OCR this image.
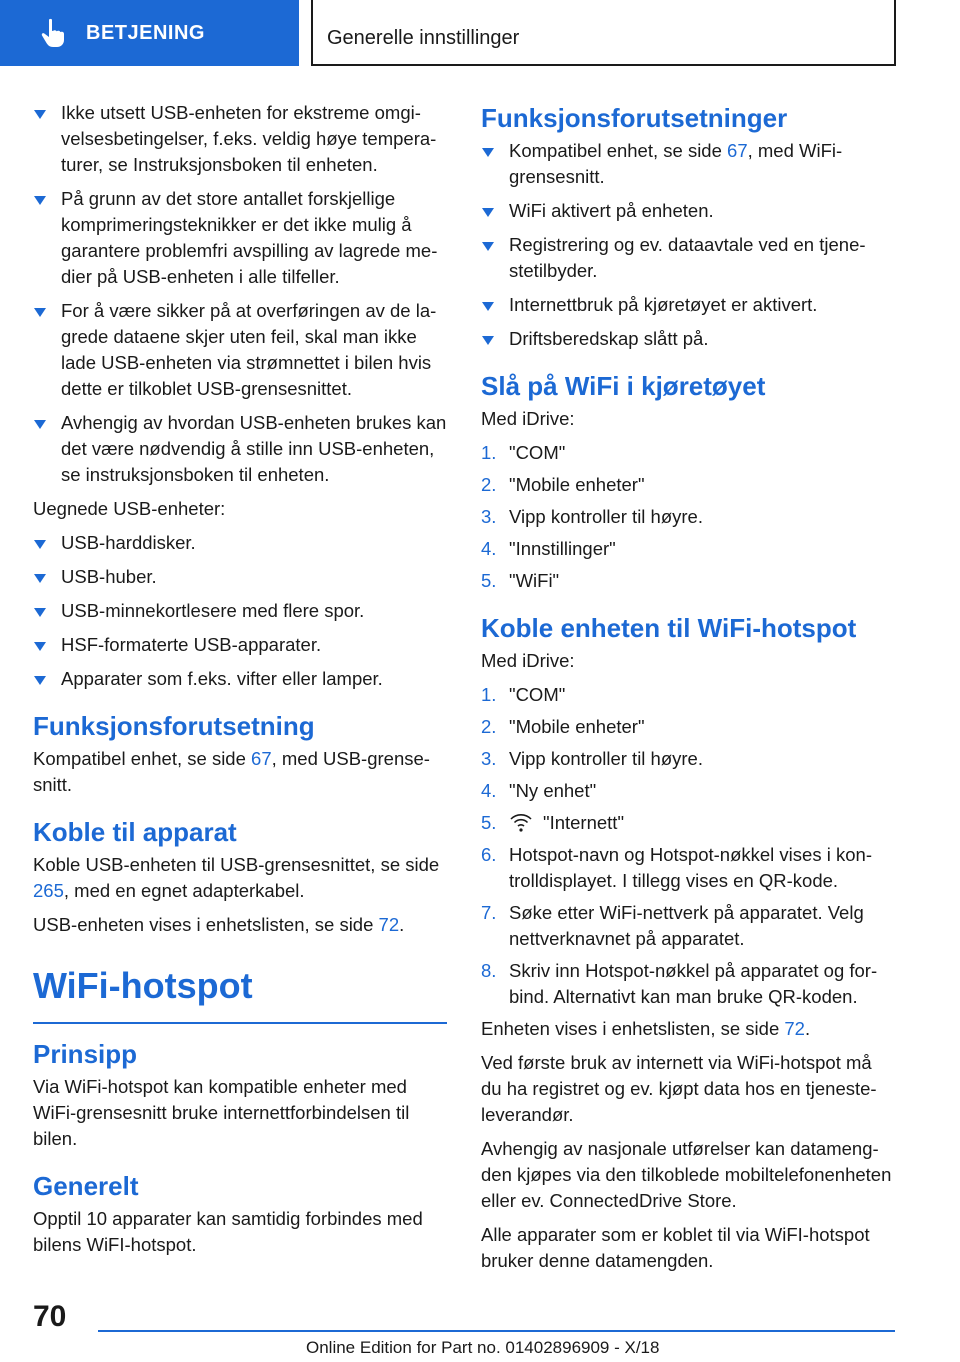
BETJENING	Generelle innstillinger
Ikke utsett USB-enheten for ekstreme omgivelsesbetingelser, f.eks. veldig høye temperaturer, se Instruksjonsboken til enheten.
På grunn av det store antallet forskjellige komprimeringsteknikker er det ikke mulig å garantere problemfri avspilling av lagrede medier på USB-enheten i alle tilfeller.
For å være sikker på at overføringen av de lagrede dataene skjer uten feil, skal man ikke lade USB-enheten via strømnettet i bilen hvis dette er tilkoblet USB-grensesnittet.
Avhengig av hvordan USB-enheten brukes kan det være nødvendig å stille inn USB-enheten, se instruksjonsboken til enheten.

Uegnede USB-enheter:

USB-harddisker.
USB-huber.
USB-minnekortlesere med flere spor.
HSF-formaterte USB-apparater.
Apparater som f.eks. vifter eller lamper.
Funksjonsforutsetning

Kompatibel enhet, se side 67, med USB-grensesnitt.

Koble til apparat

Koble USB-enheten til USB-grensesnittet, se side 265, med en egnet adapterkabel.

USB-enheten vises i enhetslisten, se side 72.

WiFi-hotspot
Prinsipp

Via WiFi-hotspot kan kompatible enheter med WiFi-grensesnitt bruke internettforbindelsen til bilen.

Generelt

Opptil 10 apparater kan samtidig forbindes med bilens WiFI-hotspot.

Funksjonsforutsetninger
Kompatibel enhet, se side 67, med WiFi-grensesnitt.
WiFi aktivert på enheten.
Registrering og ev. dataavtale ved en tjenestetilbyder.
Internettbruk på kjøretøyet er aktivert.
Driftsberedskap slått på.
Slå på WiFi i kjøretøyet

Med iDrive:

1. "COM"
2. "Mobile enheter"
3. Vipp kontroller til høyre.
4. "Innstillinger"
5. "WiFi"
Koble enheten til WiFi-hotspot

Med iDrive:

1. "COM"
2. "Mobile enheter"
3. Vipp kontroller til høyre.
4. "Ny enhet"
5.	"Internett"
6. Hotspot-navn og Hotspot-nøkkel vises i kontrolldisplayet. I tillegg vises en QR-kode.
7. Søke etter WiFi-nettverk på apparatet. Velg nettverknavnet på apparatet.
8. Skriv inn Hotspot-nøkkel på apparatet og forbind. Alternativt kan man bruke QR-koden.

Enheten vises i enhetslisten, se side 72.

Ved første bruk av internett via WiFi-hotspot må du ha registret og ev. kjøpt data hos en tjenesteleverandør.

Avhengig av nasjonale utførelser kan datamengden kjøpes via den tilkoblede mobiltelefonenheten eller ev. ConnectedDrive Store.

Alle apparater som er koblet til via WiFI-hotspot bruker denne datamengden.

70
Online Edition for Part no. 01402896909 - X/18
